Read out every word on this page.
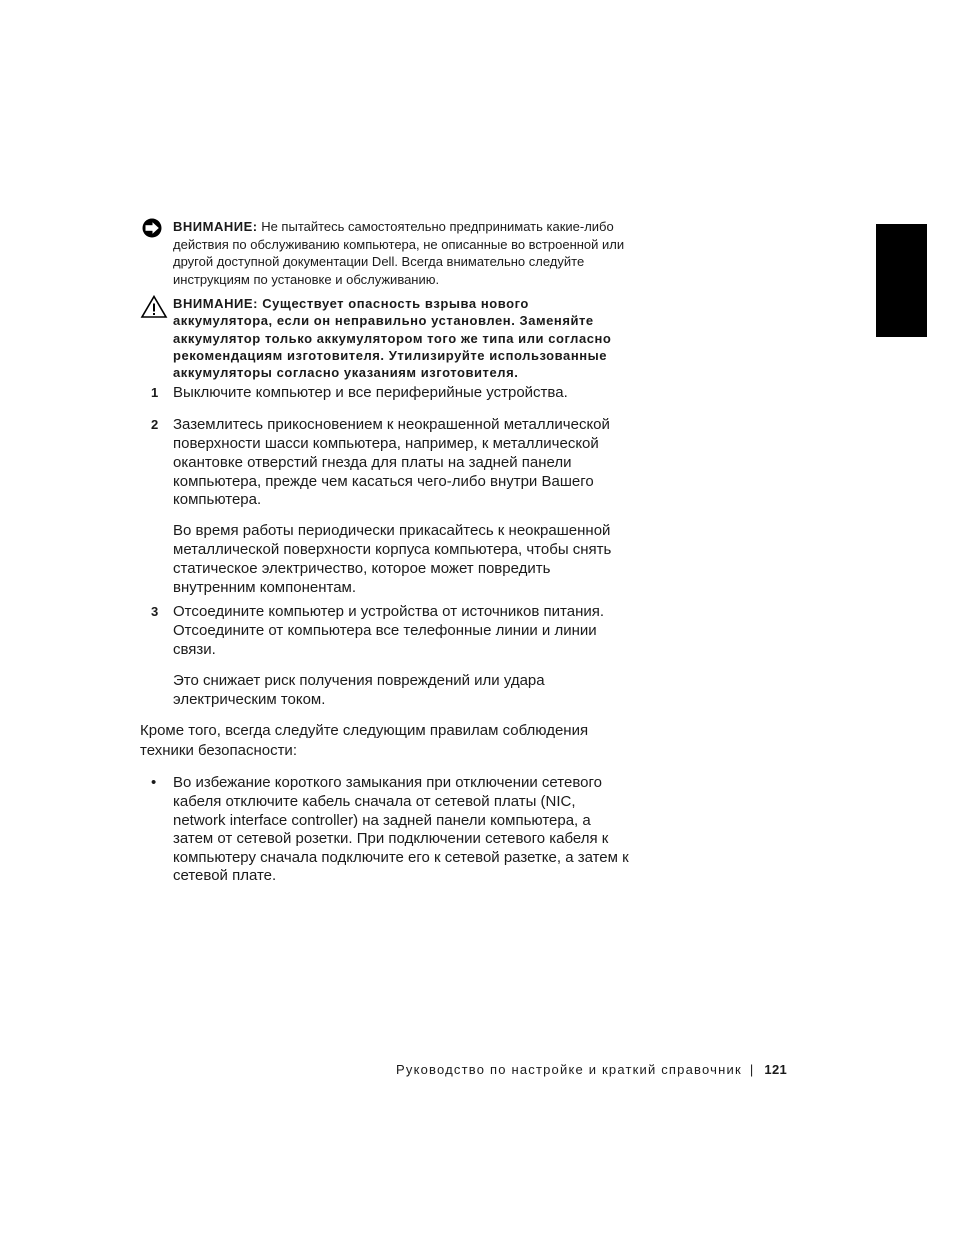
ВНИМАНИЕ: Не пытайтесь самостоятельно предпринимать какие-либо действия по обслуживанию компьютера, не описанные во встроенной или другой доступной документации Dell. Всегда внимательно следуйте инструкциям по установке и обслуживанию.
ВНИМАНИЕ: Существует опасность взрыва нового аккумулятора, если он неправильно установлен. Заменяйте аккумулятор только аккумулятором того же типа или согласно рекомендациям изготовителя. Утилизируйте использованные аккумуляторы согласно указаниям изготовителя.
1 Выключите компьютер и все периферийные устройства.

2 Заземлитесь прикосновением к неокрашенной металлической поверхности шасси компьютера, например, к металлической окантовке отверстий гнезда для платы на задней панели компьютера, прежде чем касаться чего-либо внутри Вашего компьютера.

Во время работы периодически прикасайтесь к неокрашенной металлической поверхности корпуса компьютера, чтобы снять статическое электричество, которое может повредить внутренним компонентам.

3 Отсоедините компьютер и устройства от источников питания. Отсоедините от компьютера все телефонные линии и линии связи.

Это снижает риск получения повреждений или удара электрическим током.

Кроме того, всегда следуйте следующим правилам соблюдения техники безопасности:

• Во избежание короткого замыкания при отключении сетевого кабеля отключите кабель сначала от сетевой платы (NIC, network interface controller) на задней панели компьютера, а затем от сетевой розетки. При подключении сетевого кабеля к компьютеру сначала подключите его к сетевой разетке, а затем к сетевой плате.
Руководство по настройке и краткий справочник | 121
